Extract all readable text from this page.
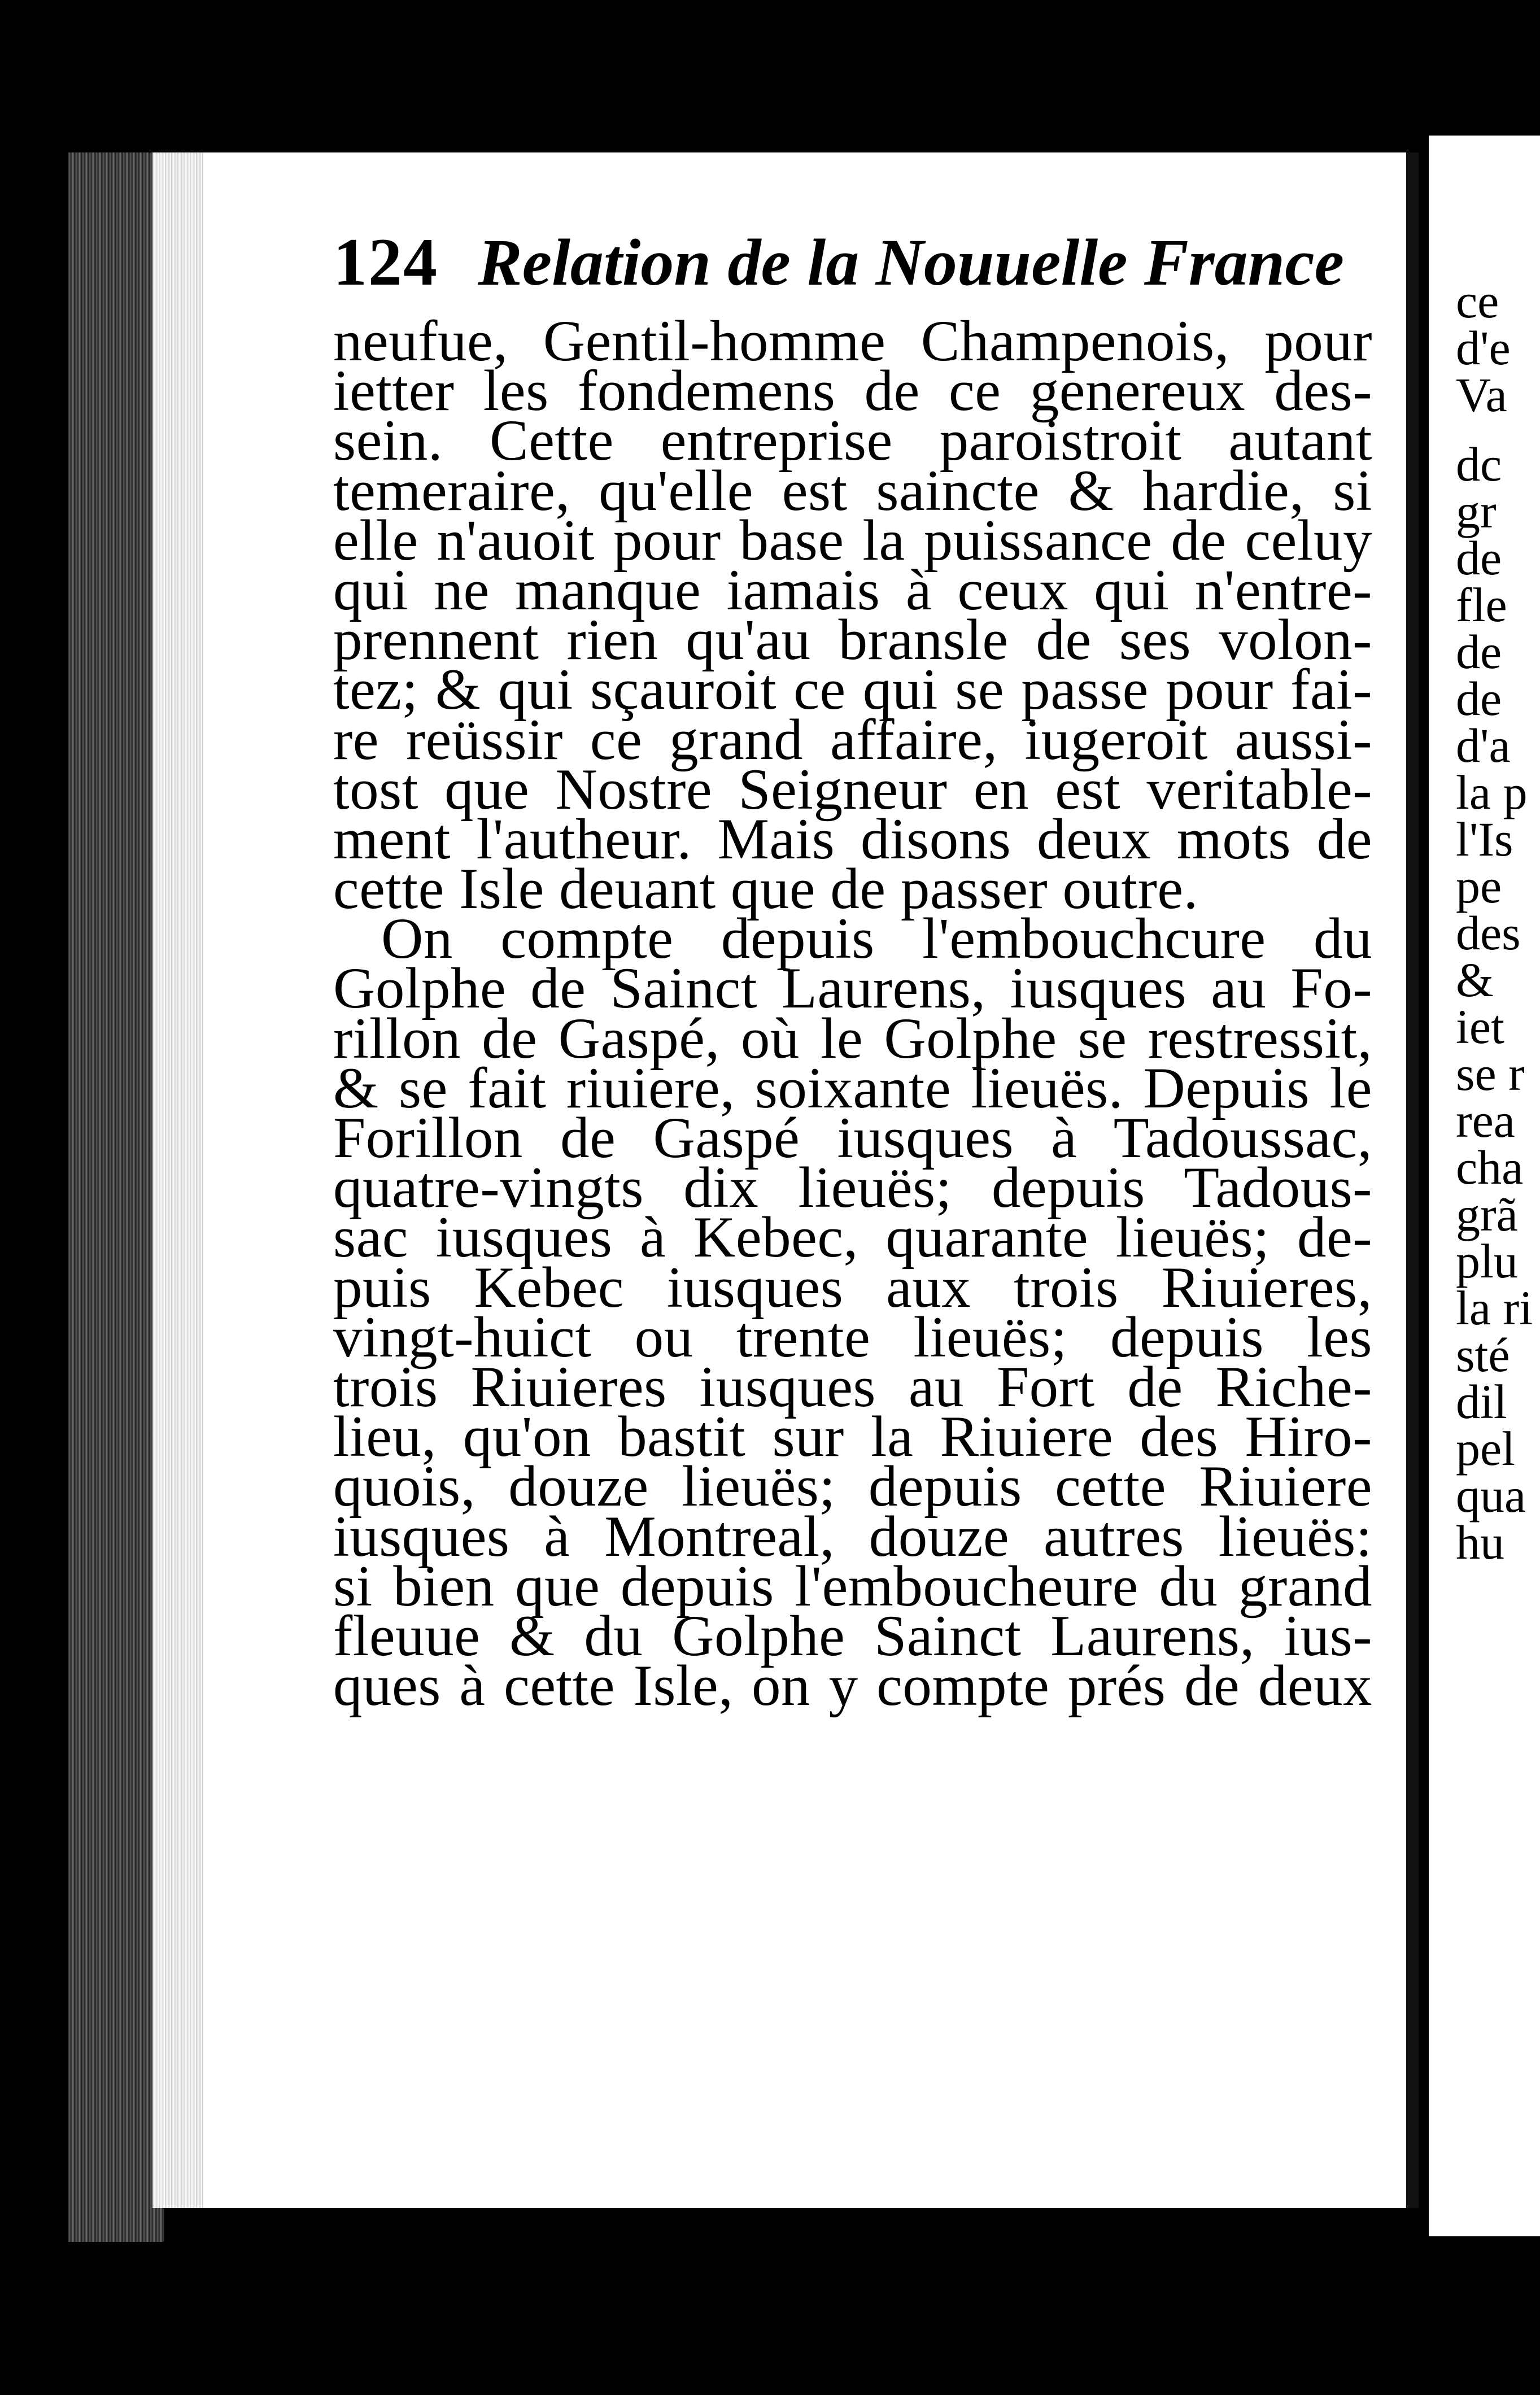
124 Relation de la Nouuelle France
neufue, Gentil-homme Champenois, pour
ietter les fondemens de ce genereux des-
sein. Cette entreprise paroistroit autant
temeraire, qu'elle est saincte & hardie, si
elle n'auoit pour base la puissance de celuy
qui ne manque iamais à ceux qui n'entre-
prennent rien qu'au bransle de ses volon-
tez; & qui sçauroit ce qui se passe pour fai-
re reüssir ce grand affaire, iugeroit aussi-
tost que Nostre Seigneur en est veritable-
ment l'autheur. Mais disons deux mots de
cette Isle deuant que de passer outre.
On compte depuis l'embouchcure du
Golphe de Sainct Laurens, iusques au Fo-
rillon de Gaspé, où le Golphe se restressit,
& se fait riuiere, soixante lieuës. Depuis le
Forillon de Gaspé iusques à Tadoussac,
quatre-vingts dix lieuës; depuis Tadous-
sac iusques à Kebec, quarante lieuës; de-
puis Kebec iusques aux trois Riuieres,
vingt-huict ou trente lieuës; depuis les
trois Riuieres iusques au Fort de Riche-
lieu, qu'on bastit sur la Riuiere des Hiro-
quois, douze lieuës; depuis cette Riuiere
iusques à Montreal, douze autres lieuës:
si bien que depuis l'emboucheure du grand
fleuue & du Golphe Sainct Laurens, ius-
ques à cette Isle, on y compte prés de deux
ce
d'e
Va
dc
gr
de
fle
de
de
d'a
la p
l'Is
pe
des
&
iet
se r
rea
cha
grã
plu
la ri
sté
dil
pel
qua
hu
